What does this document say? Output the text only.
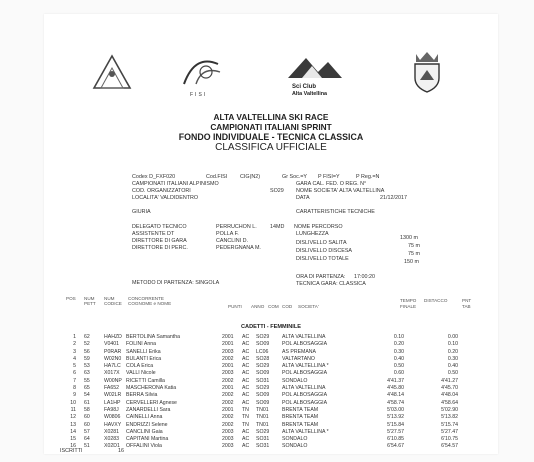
FISI
Sci Club
Alta Valtellina
ALTA VALTELLINA SKI RACE
CAMPIONATI ITALIANI SPRINT
FONDO INDIVIDUALE - TECNICA CLASSICA
CLASSIFICA UFFICIALE
Codex D_FXF020	Cod.FISI CIG(N2)	Gr Soc.=Y P FISI=Y	P Reg.=N
CAMPIONATI ITALIANI ALPINISMO	GARA CAL. FED. O REG. N°
COD. ORGANIZZATORI	SO29 NOME SOCIETA' ALTA VALTELLINA
LOCALITA' VALDIDENTRO	DATA	21/12/2017
GIURIA	CARATTERISTICHE TECNICHE
DELEGATO TECNICO	PERRUCHON L. 14MD NOME PERCORSO
ASSISTENTE DT	POLLA F.	LUNGHEZZA
1300 m
DIRETTORE DI GARA	CANCLINI D.	DISLIVELLO SALITA	75 m
DIRETTORE DI PERC.	PEDERGNANA M.	DISLIVELLO DISCESA	75 m
DISLIVELLO TOTALE	150 m
ORA DI PARTENZA: 17:00:20
METODO DI PARTENZA: SINGOLA	TECNICA GARA: CLASSICA
POS NUM
PETT
NUM
CODICE
CONCORRENTE
COGNOME e NOME
PUNTI ANNO COM COD SOCIETA'
TEMPO
FINALE
DISTACCO	PNT
TAB
CADETTI - FEMMINILE
1	62	HAHZD	BERTOLINA Samantha	2001	AC	SO29	ALTA VALTELLINA	0.10	0.00
2	52	V0401	FOLINI Anna	2001	AC	SO09	POL ALBOSAGGIA	0.20	0.10
3	56	P0RAR	SANELLI Erika	2003	AC	LC06	AS PREMANA	0.30	0.20
4	59	W02N0	BULANTI Erica	2002	AC	SO28	VALTARTANO	0.40	0.30
5	53	HA7LC	COLA Erica	2001	AC	SO29	ALTA VALTELLINA *	0.50	0.40
6	63	X017X	VALLI Nicole	2003	AC	SO09	POL ALBOSAGGIA	0.60	0.50
7	55	W00NP	RICETTI Camilla	2002	AC	SO31	SONDALO	4'41.37	4'41.27
8	65	FA652	MASCHERONA Katia	2001	AC	SO29	ALTA VALTELLINA	4'45.80	4'45.70
9	54	W02LR	BERRA Silvia	2002	AC	SO09	POL ALBOSAGGIA	4'48.14	4'48.04
10	61	LA1HP	CERVELLERI Agnese	2002	AC	SO09	POL ALBOSAGGIA	4'58.74	4'58.64
11	58	FA98J	ZANARDELLI Sara	2001	TN	TN01	BRENTA TEAM	5'03.00	5'02.90
12	60	W0806	CAINELLI Anna	2002	TN	TN01	BRENTA TEAM	5'13.92	5'13.82
13	60	HAVXY	ENDRIZZI Selene	2002	TN	TN01	BRENTA TEAM	5'15.84	5'15.74
14	57	X0281	CANCLINI Gaia	2003	AC	SO29	ALTA VALTELLINA *	5'27.57	5'27.47
15	64	X0283	CAPITANI Martina	2003	AC	SO31	SONDALO	6'10.85	6'10.75
16	51	X02D1	OFFALINI Viola	2003	AC	SO31	SONDALO	6'54.67	6'54.57
ISCRITTI	16
